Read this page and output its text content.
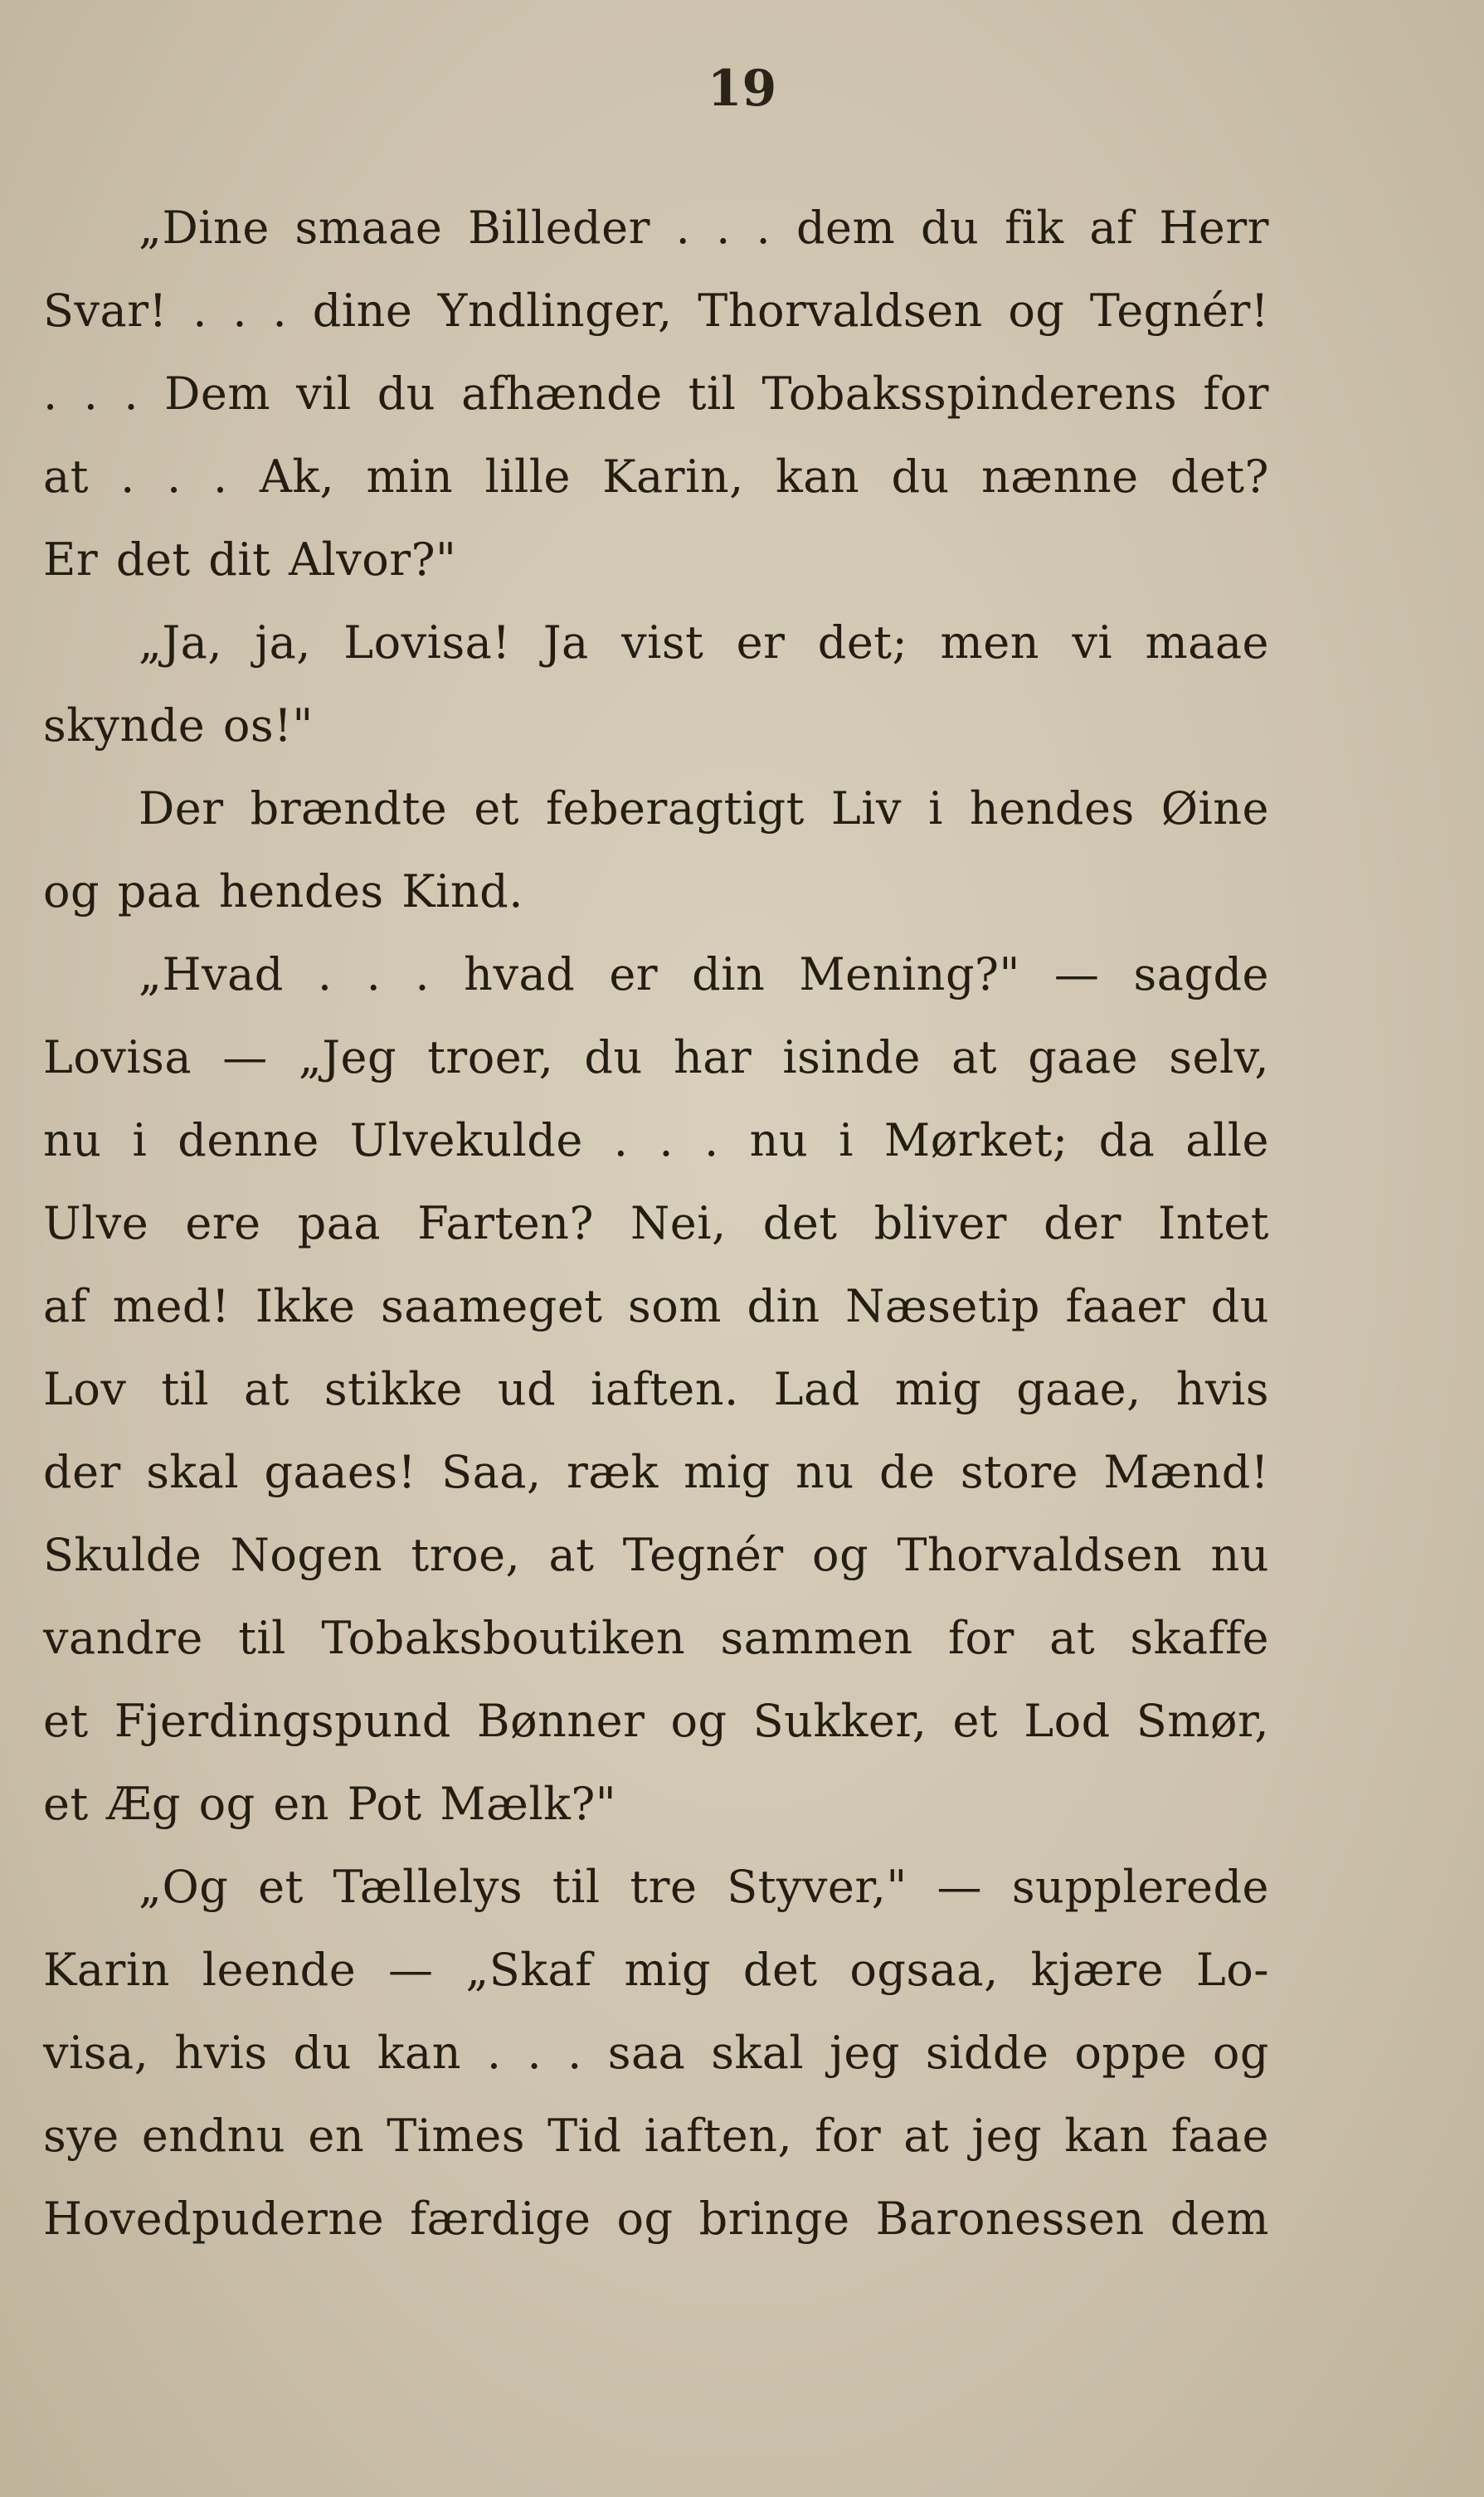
19
„Dine smaae Billeder . . . dem du fik af Herr
Svar! . . . dine Yndlinger, Thorvaldsen og Tegnér!
. . . Dem vil du afhænde til Tobaksspinderens for
at . . . Ak, min lille Karin, kan du nænne det?
Er det dit Alvor?"
„Ja, ja, Lovisa! Ja vist er det; men vi maae
skynde os!"
Der brændte et feberagtigt Liv i hendes Øine
og paa hendes Kind.
„Hvad . . . hvad er din Mening?" — sagde
Lovisa — „Jeg troer, du har isinde at gaae selv,
nu i denne Ulvekulde . . . nu i Mørket; da alle
Ulve ere paa Farten? Nei, det bliver der Intet
af med! Ikke saameget som din Næsetip faaer du
Lov til at stikke ud iaften. Lad mig gaae, hvis
der skal gaaes! Saa, ræk mig nu de store Mænd!
Skulde Nogen troe, at Tegnér og Thorvaldsen nu
vandre til Tobaksboutiken sammen for at skaffe
et Fjerdingspund Bønner og Sukker, et Lod Smør,
et Æg og en Pot Mælk?"
„Og et Tællelys til tre Styver," — supplerede
Karin leende — „Skaf mig det ogsaa, kjære Lo-
visa, hvis du kan . . . saa skal jeg sidde oppe og
sye endnu en Times Tid iaften, for at jeg kan faae
Hovedpuderne færdige og bringe Baronessen dem
